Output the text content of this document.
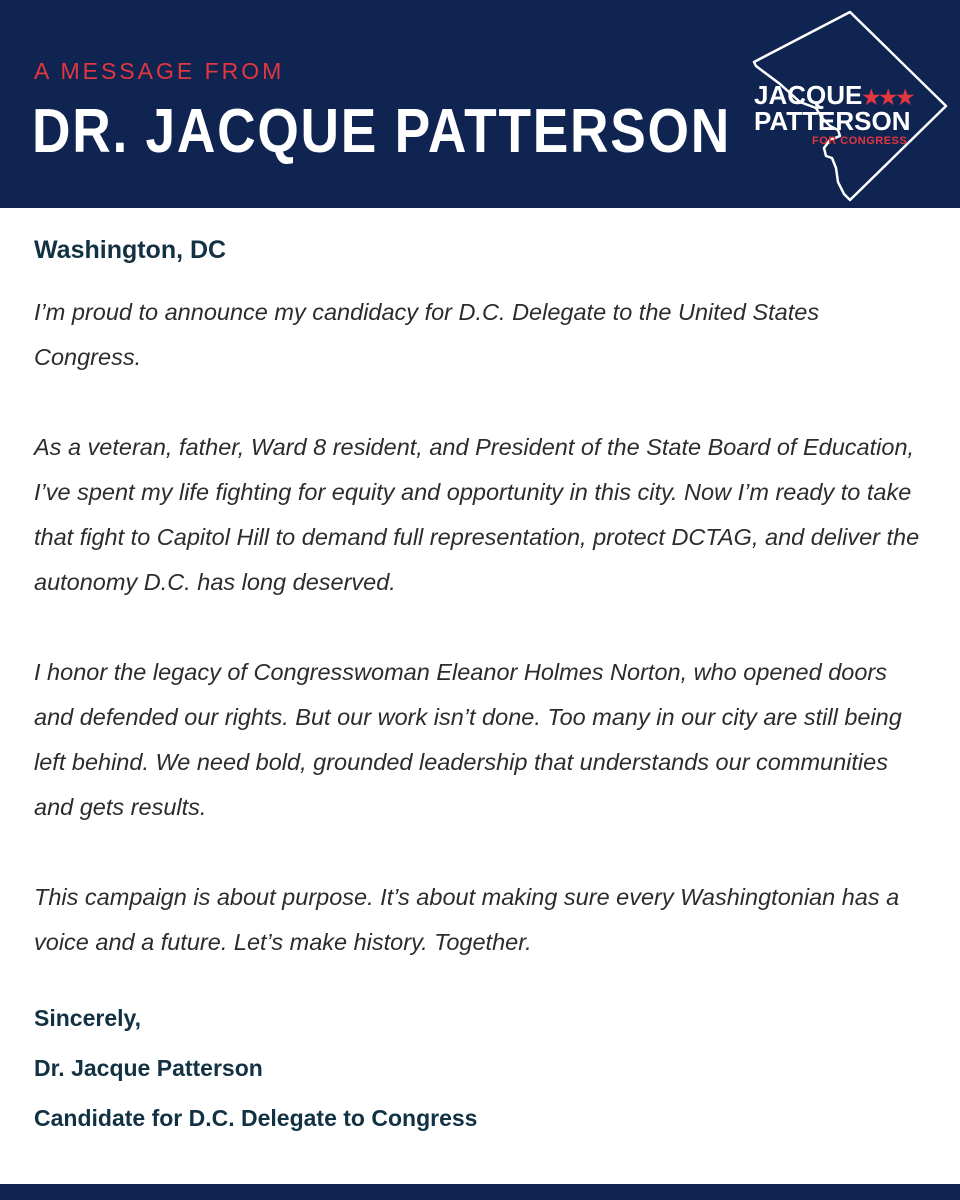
A MESSAGE FROM
DR. JACQUE PATTERSON
JACQUE★★★
PATTERSON
FOR CONGRESS
Washington, DC

I’m proud to announce my candidacy for D.C. Delegate to the United States Congress.

As a veteran, father, Ward 8 resident, and President of the State Board of Education, I’ve spent my life fighting for equity and opportunity in this city. Now I’m ready to take that fight to Capitol Hill to demand full representation, protect DCTAG, and deliver the autonomy D.C. has long deserved.

I honor the legacy of Congresswoman Eleanor Holmes Norton, who opened doors and defended our rights. But our work isn’t done. Too many in our city are still being left behind. We need bold, grounded leadership that understands our communities and gets results.

This campaign is about purpose. It’s about making sure every Washingtonian has a voice and a future. Let’s make history. Together.

Sincerely,
Dr. Jacque Patterson
Candidate for D.C. Delegate to Congress
